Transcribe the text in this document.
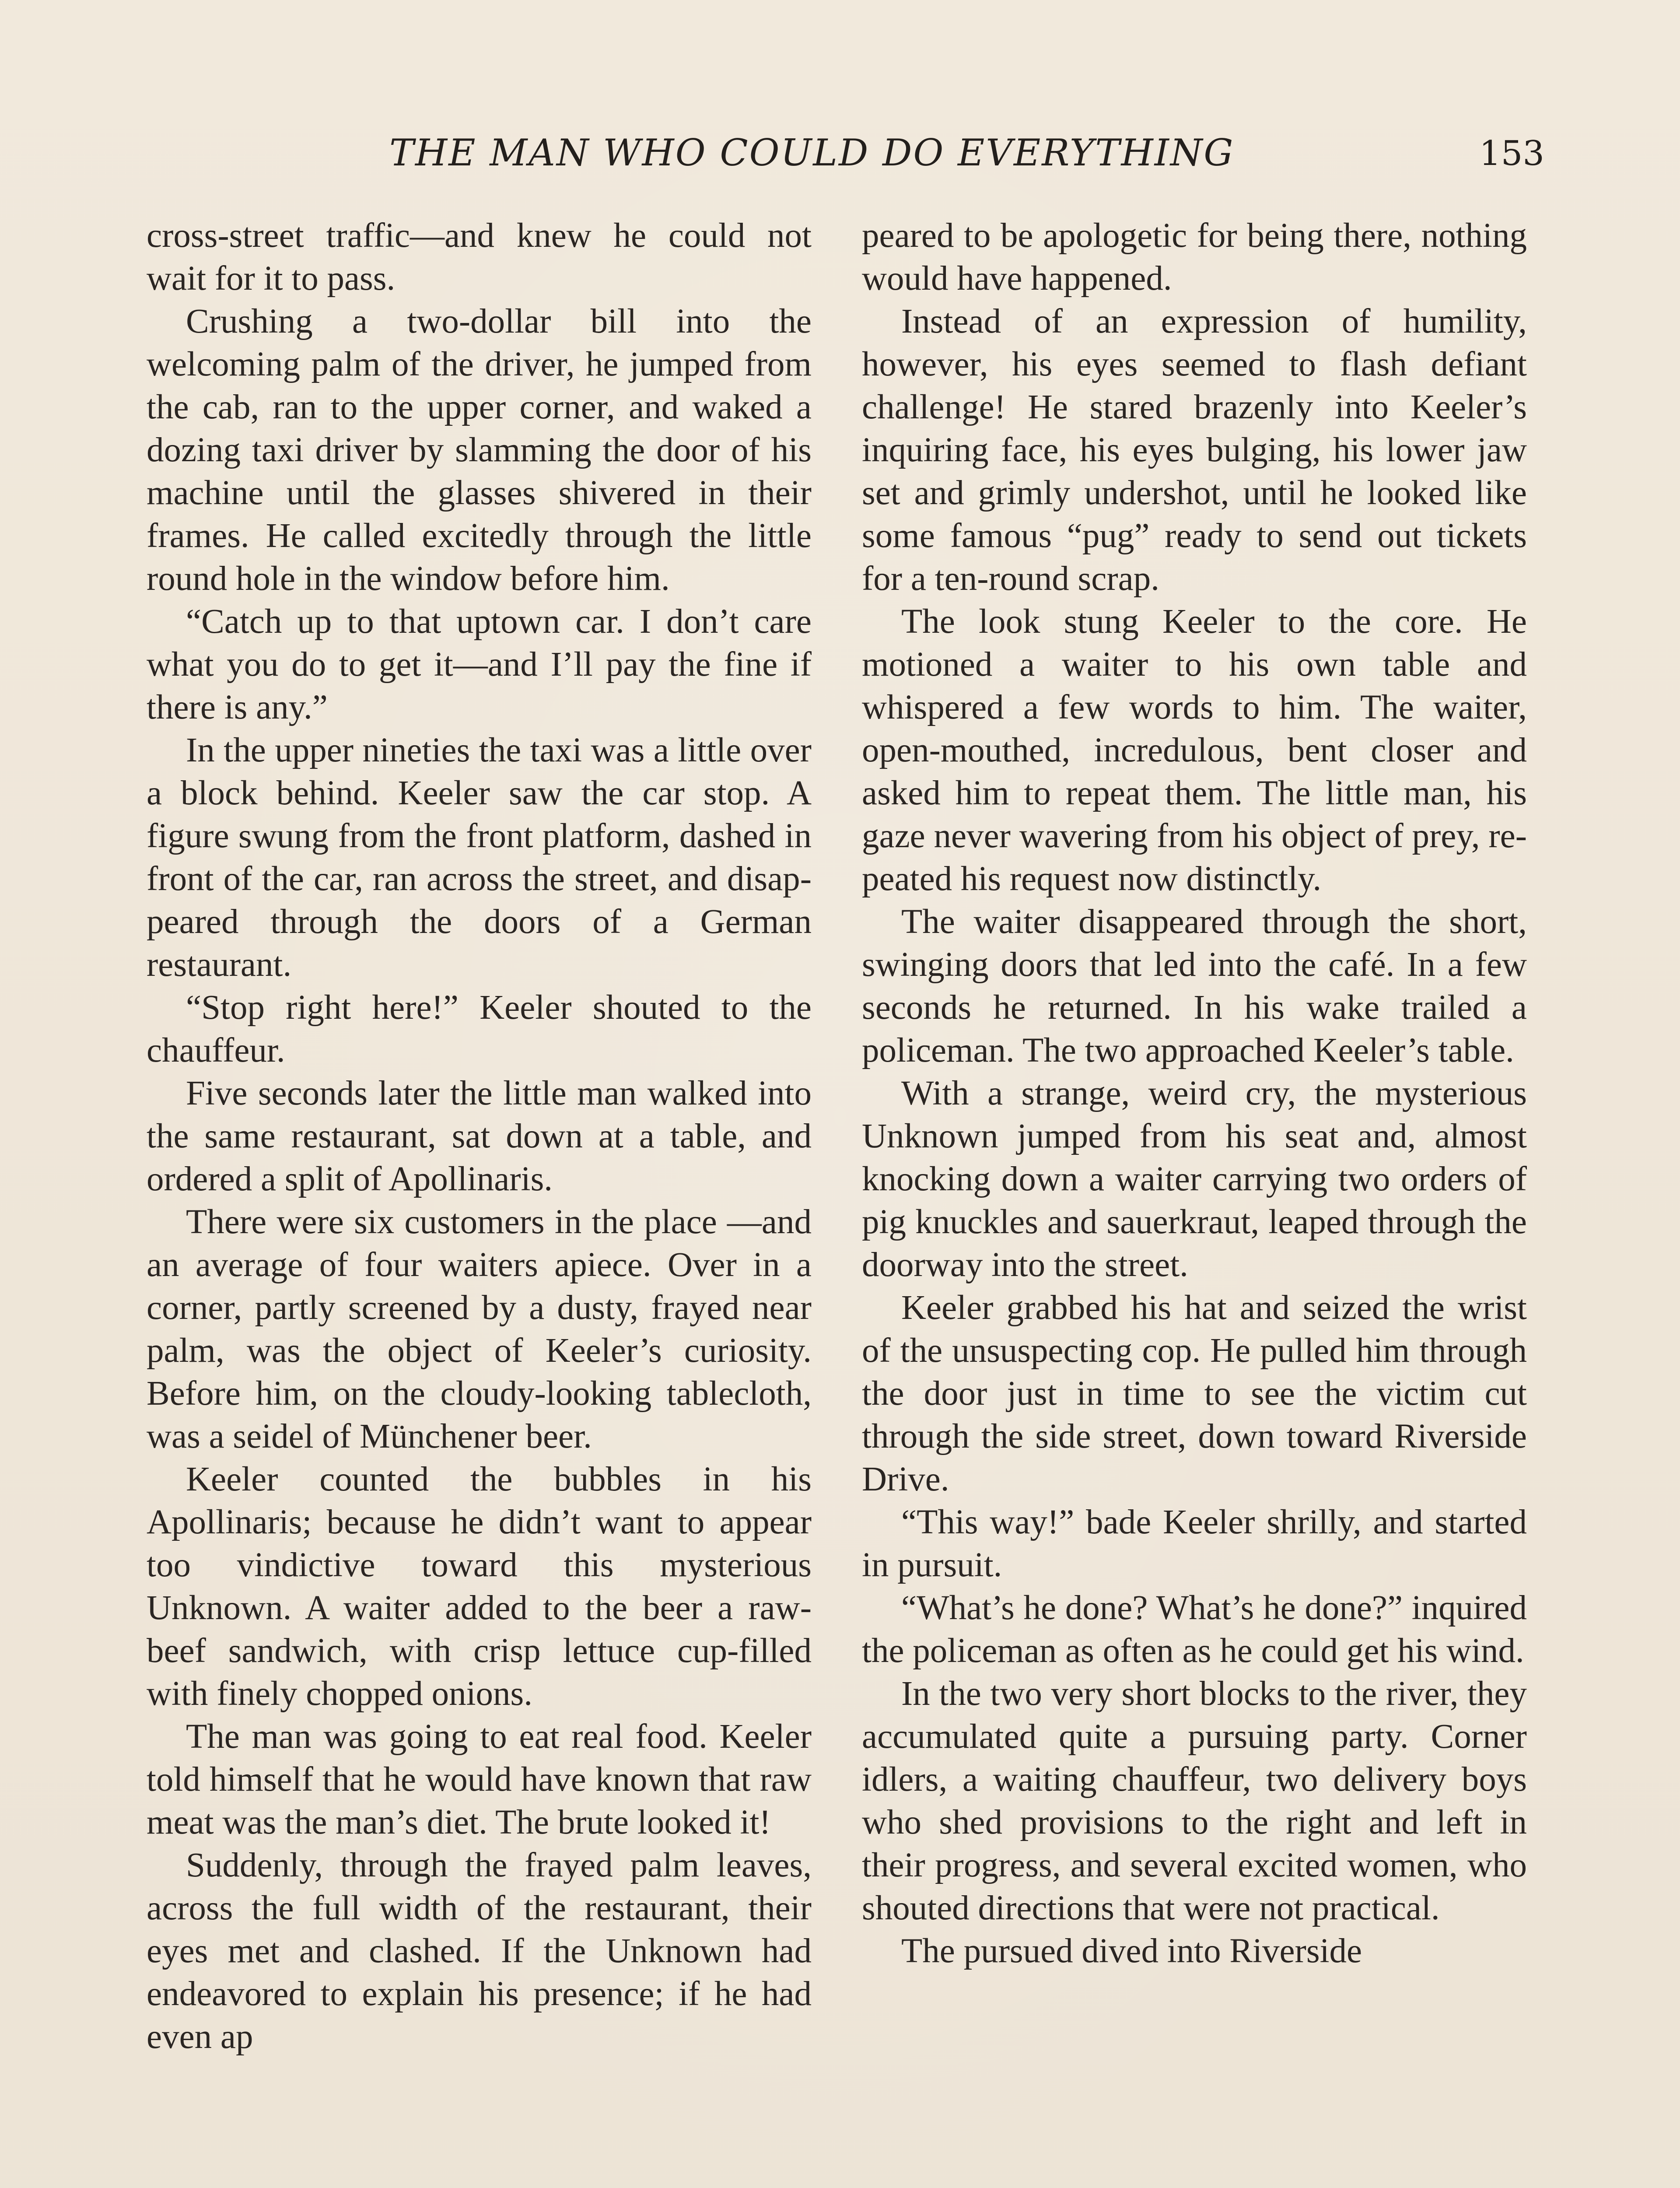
THE MAN WHO COULD DO EVERYTHING	153

cross-street traffic—and knew he could not wait for it to pass.

Crushing a two-dollar bill into the welcoming palm of the driver, he jumped from the cab, ran to the upper corner, and waked a dozing taxi driver by slamming the door of his machine until the glasses shivered in their frames. He called excitedly through the little round hole in the window before him.

“Catch up to that uptown car. I don’t care what you do to get it—and I’ll pay the fine if there is any.”

In the upper nineties the taxi was a little over a block behind. Keeler saw the car stop. A figure swung from the front platform, dashed in front of the car, ran across the street, and disappeared through the doors of a German restaurant.

“Stop right here!” Keeler shouted to the chauffeur.

Five seconds later the little man walked into the same restaurant, sat down at a table, and ordered a split of Apollinaris.

There were six customers in the place —and an average of four waiters apiece. Over in a corner, partly screened by a dusty, frayed near palm, was the object of Keeler’s curiosity. Before him, on the cloudy-looking tablecloth, was a seidel of Münchener beer.

Keeler counted the bubbles in his Apollinaris; because he didn’t want to appear too vindictive toward this mysterious Unknown. A waiter added to the beer a raw-beef sandwich, with crisp lettuce cup-filled with finely chopped onions.

The man was going to eat real food. Keeler told himself that he would have known that raw meat was the man’s diet. The brute looked it!

Suddenly, through the frayed palm leaves, across the full width of the restaurant, their eyes met and clashed. If the Unknown had endeavored to explain his presence; if he had even ap

peared to be apologetic for being there, nothing would have happened.

Instead of an expression of humility, however, his eyes seemed to flash defiant challenge! He stared brazenly into Keeler’s inquiring face, his eyes bulging, his lower jaw set and grimly undershot, until he looked like some famous “pug” ready to send out tickets for a ten-round scrap.

The look stung Keeler to the core. He motioned a waiter to his own table and whispered a few words to him. The waiter, open-mouthed, incredulous, bent closer and asked him to repeat them. The little man, his gaze never wavering from his object of prey, repeated his request now distinctly.

The waiter disappeared through the short, swinging doors that led into the café. In a few seconds he returned. In his wake trailed a policeman. The two approached Keeler’s table.

With a strange, weird cry, the mysterious Unknown jumped from his seat and, almost knocking down a waiter carrying two orders of pig knuckles and sauerkraut, leaped through the doorway into the street.

Keeler grabbed his hat and seized the wrist of the unsuspecting cop. He pulled him through the door just in time to see the victim cut through the side street, down toward Riverside Drive.

“This way!” bade Keeler shrilly, and started in pursuit.

“What’s he done? What’s he done?” inquired the policeman as often as he could get his wind.

In the two very short blocks to the river, they accumulated quite a pursuing party. Corner idlers, a waiting chauffeur, two delivery boys who shed provisions to the right and left in their progress, and several excited women, who shouted directions that were not practical.

The pursued dived into Riverside
